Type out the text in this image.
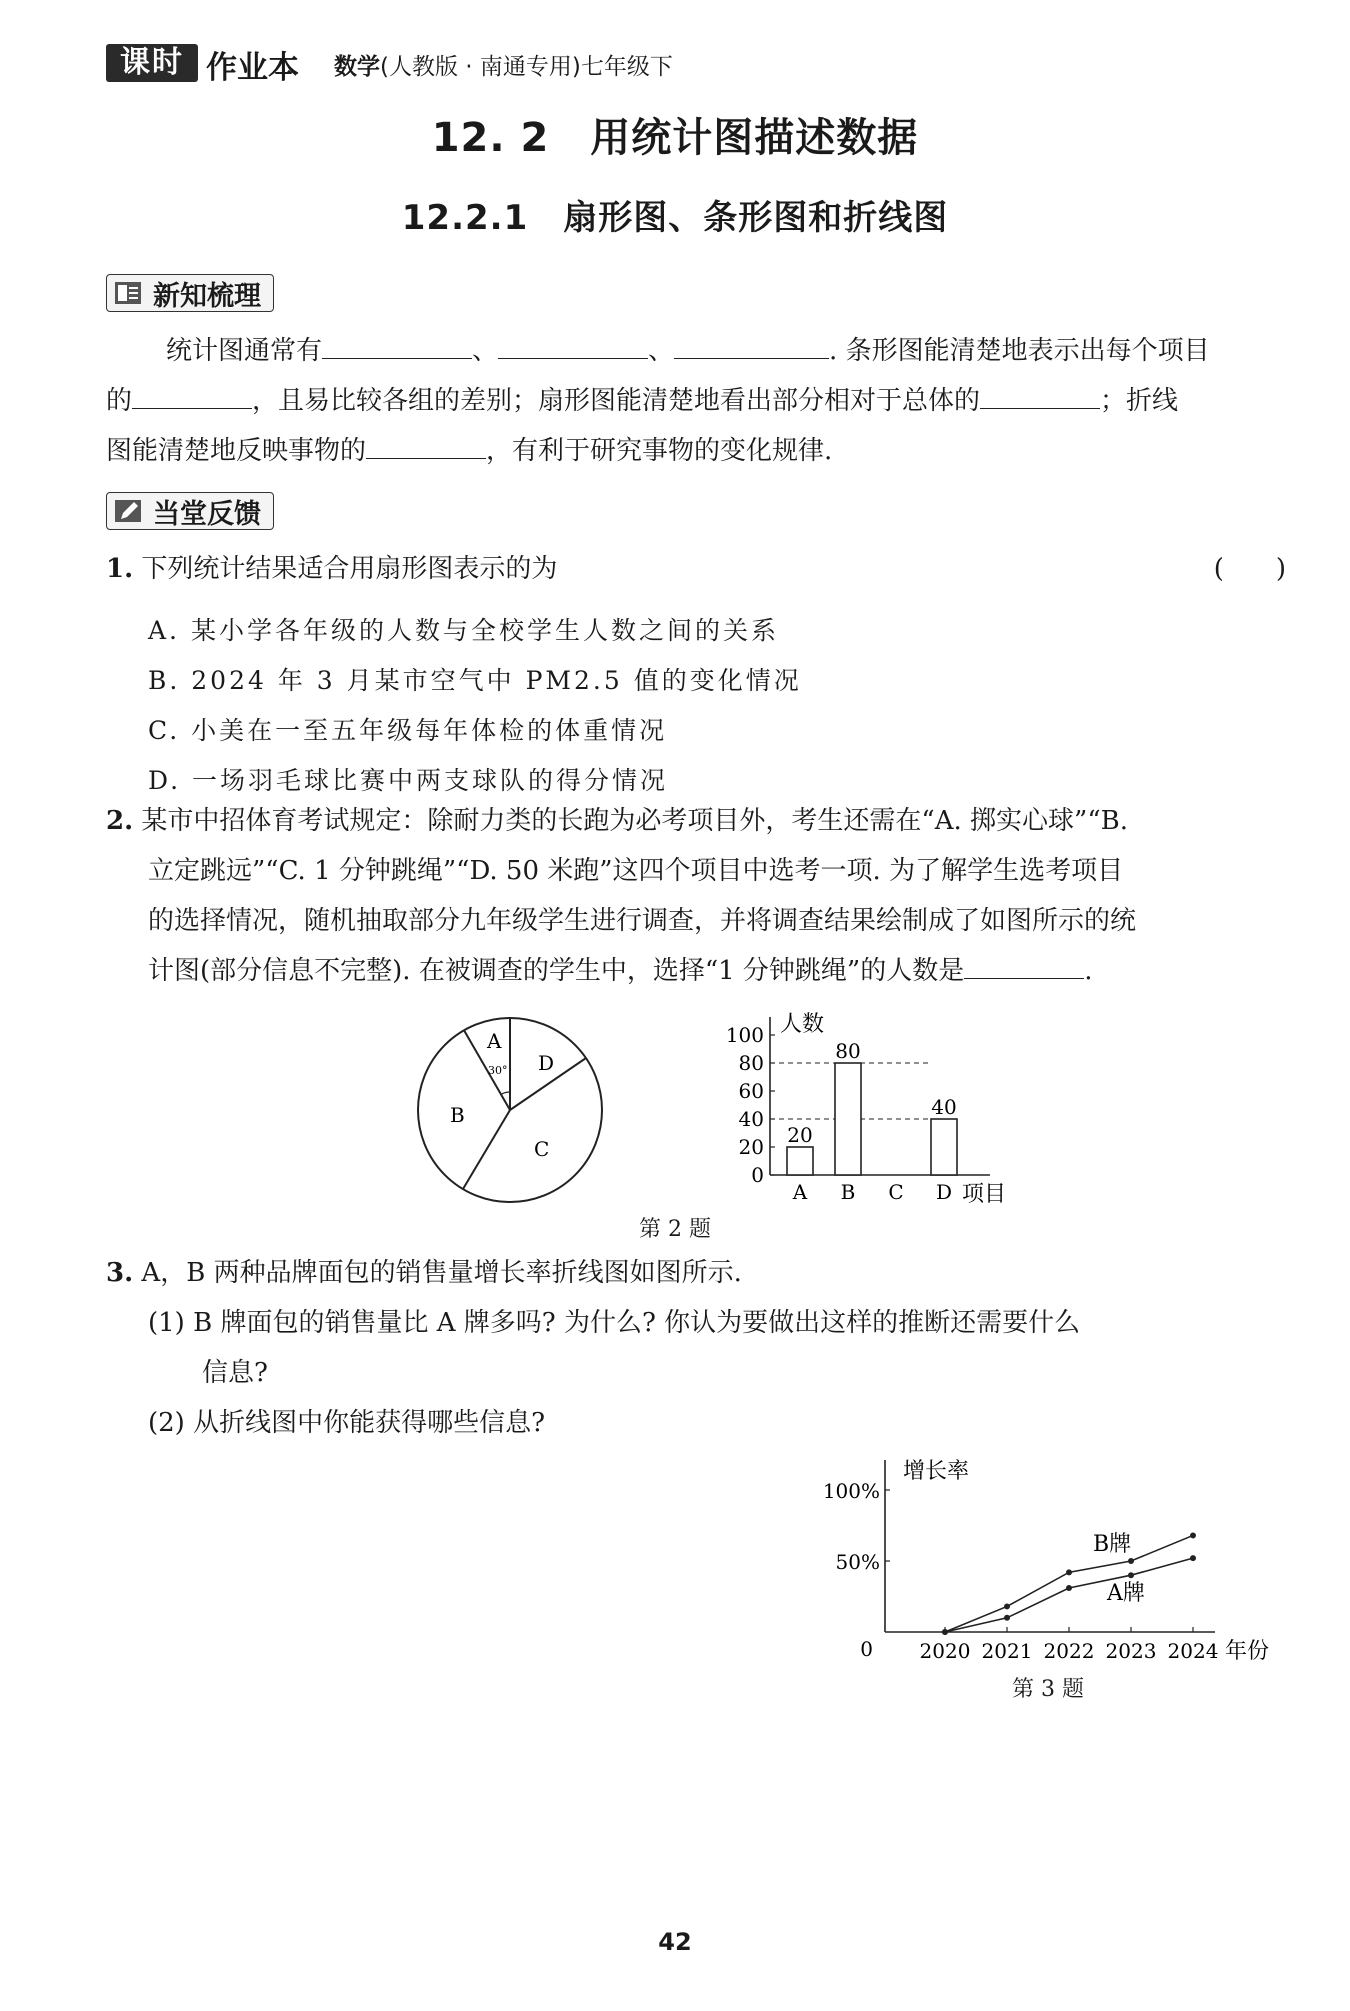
课时 作业本 数学(人教版 · 南通专用)七年级下
12. 2　用统计图描述数据
12.2.1　扇形图、条形图和折线图
新知梳理
统计图通常有	、	、	. 条形图能清楚地表示出每个项目
的	，且易比较各组的差别；扇形图能清楚地看出部分相对于总体的	；折线
图能清楚地反映事物的	，有利于研究事物的变化规律.
当堂反馈
1. 下列统计结果适合用扇形图表示的为	(　　)
A. 某小学各年级的人数与全校学生人数之间的关系
B. 2024 年 3 月某市空气中 PM2.5 值的变化情况
C. 小美在一至五年级每年体检的体重情况
D. 一场羽毛球比赛中两支球队的得分情况
2. 某市中招体育考试规定：除耐力类的长跑为必考项目外，考生还需在“A. 掷实心球”“B.
立定跳远”“C. 1 分钟跳绳”“D. 50 米跑”这四个项目中选考一项. 为了解学生选考项目
的选择情况，随机抽取部分九年级学生进行调查，并将调查结果绘制成了如图所示的统
计图(部分信息不完整). 在被调查的学生中，选择“1 分钟跳绳”的人数是	.
A
30° D
B
C
0
20
40
60
80
100
20
A
80
B C
40
D
人数
项目
第 2 题
3. A，B 两种品牌面包的销售量增长率折线图如图所示.
(1) B 牌面包的销售量比 A 牌多吗? 为什么? 你认为要做出这样的推断还需要什么
信息?
(2) 从折线图中你能获得哪些信息?
0
50%
100%
2020 2021 2022 2023 2024
B牌
A牌
增长率
年份
第 3 题
42
